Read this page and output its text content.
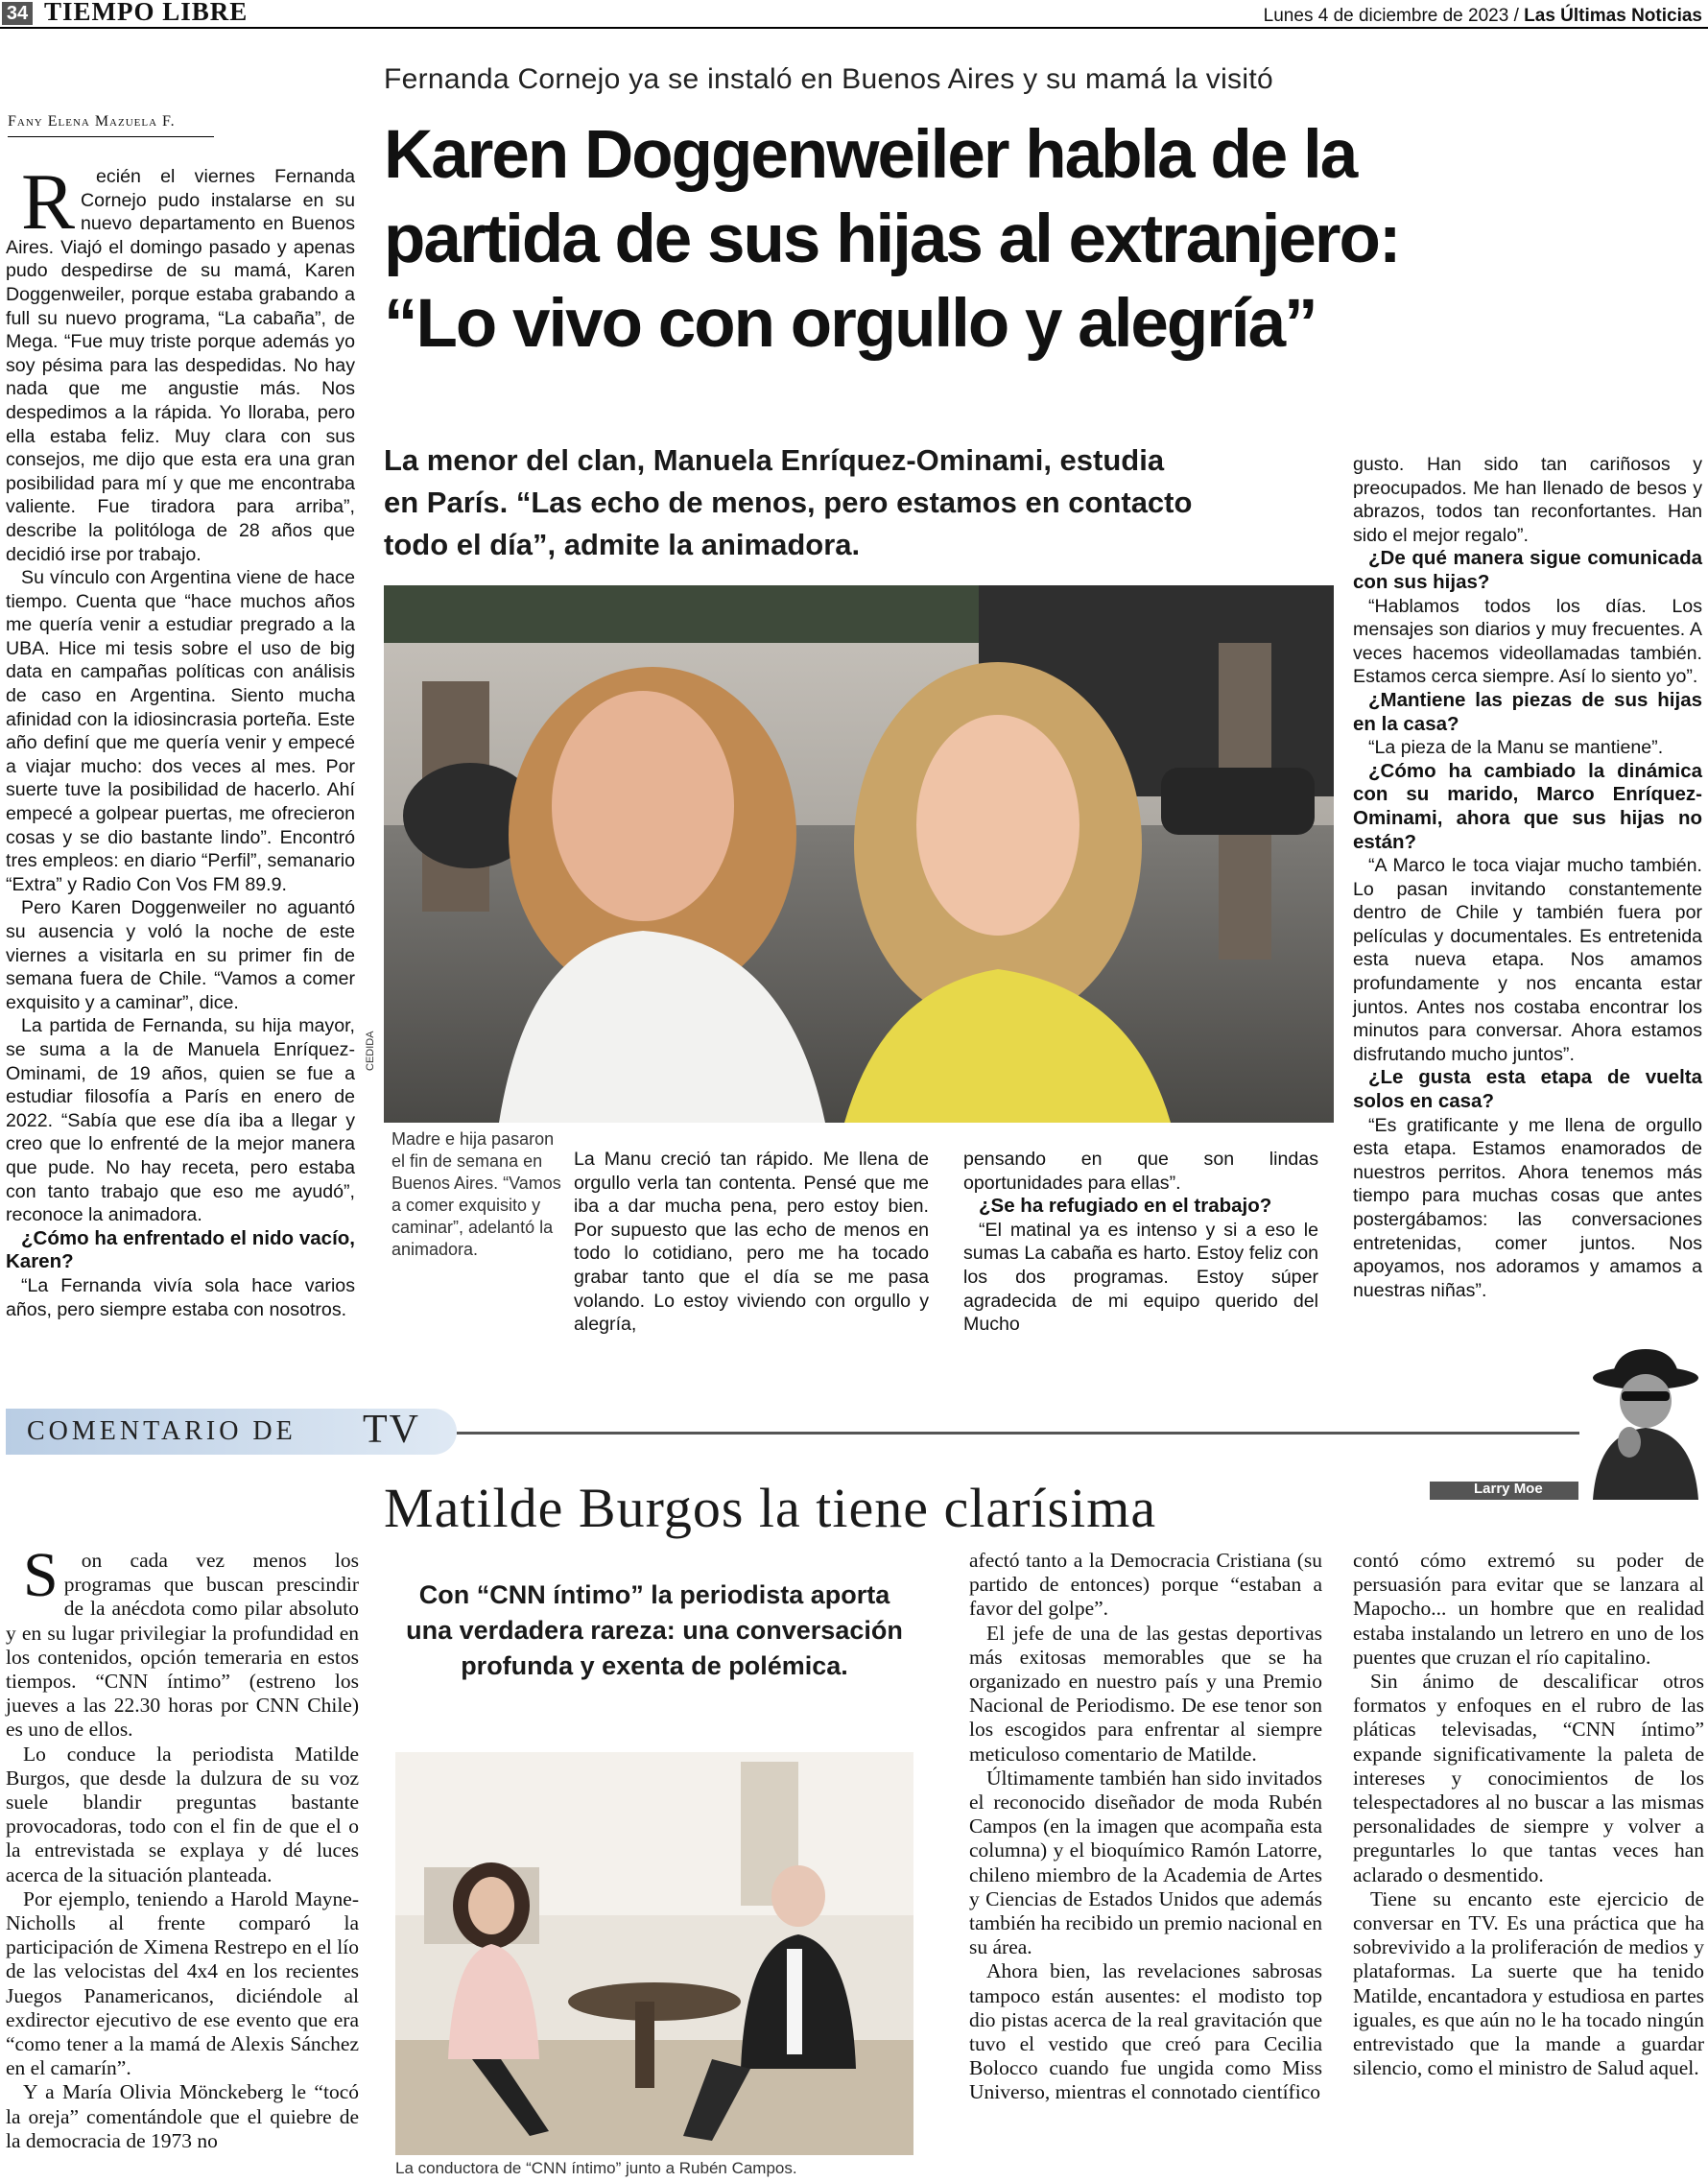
34 TIEMPO LIBRE	Lunes 4 de diciembre de 2023 / Las Últimas Noticias
Fany Elena Mazuela F.
Fernanda Cornejo ya se instaló en Buenos Aires y su mamá la visitó
Karen Doggenweiler habla de la
partida de sus hijas al extranjero:
“Lo vivo con orgullo y alegría”
La menor del clan, Manuela Enríquez-Ominami, estudia
en París. “Las echo de menos, pero estamos en contacto
todo el día”, admite la animadora.

Recién el viernes Fernanda Cornejo pudo instalarse en su nuevo departamento en Buenos Aires. Viajó el domingo pasado y apenas pudo despedirse de su mamá, Karen Doggenweiler, porque estaba grabando a full su nuevo programa, “La cabaña”, de Mega. “Fue muy triste porque además yo soy pésima para las despedidas. No hay nada que me angustie más. Nos despedimos a la rápida. Yo lloraba, pero ella estaba feliz. Muy clara con sus consejos, me dijo que esta era una gran posibilidad para mí y que me encontraba valiente. Fue tiradora para arriba”, describe la politóloga de 28 años que decidió irse por trabajo.

Su vínculo con Argentina viene de hace tiempo. Cuenta que “hace muchos años me quería venir a estudiar pregrado a la UBA. Hice mi tesis sobre el uso de big data en campañas políticas con análisis de caso en Argentina. Siento mucha afinidad con la idiosincrasia porteña. Este año definí que me quería venir y empecé a viajar mucho: dos veces al mes. Por suerte tuve la posibilidad de hacerlo. Ahí empecé a golpear puertas, me ofrecieron cosas y se dio bastante lindo”. Encontró tres empleos: en diario “Perfil”, semanario “Extra” y Radio Con Vos FM 89.9.

Pero Karen Doggenweiler no aguantó su ausencia y voló la noche de este viernes a visitarla en su primer fin de semana fuera de Chile. “Vamos a comer exquisito y a caminar”, dice.

La partida de Fernanda, su hija mayor, se suma a la de Manuela Enríquez-Ominami, de 19 años, quien se fue a estudiar filosofía a París en enero de 2022. “Sabía que ese día iba a llegar y creo que lo enfrenté de la mejor manera que pude. No hay receta, pero estaba con tanto trabajo que eso me ayudó”, reconoce la animadora.

¿Cómo ha enfrentado el nido vacío, Karen?

“La Fernanda vivía sola hace varios años, pero siempre estaba con nosotros.

CEDIDA
Madre e hija pasaron el fin de semana en Buenos Aires. “Vamos a comer exquisito y caminar”, adelantó la animadora.

La Manu creció tan rápido. Me llena de orgullo verla tan contenta. Pensé que me iba a dar mucha pena, pero estoy bien. Por supuesto que las echo de menos en todo lo cotidiano, pero me ha tocado grabar tanto que el día se me pasa volando. Lo estoy viviendo con orgullo y alegría,

pensando en que son lindas oportunidades para ellas”.

¿Se ha refugiado en el trabajo?

“El matinal ya es intenso y si a eso le sumas La cabaña es harto. Estoy feliz con los dos programas. Estoy súper agradecida de mi equipo querido del Mucho

gusto. Han sido tan cariñosos y preocupados. Me han llenado de besos y abrazos, todos tan reconfortantes. Han sido el mejor regalo”.

¿De qué manera sigue comunicada con sus hijas?

“Hablamos todos los días. Los mensajes son diarios y muy frecuentes. A veces hacemos videollamadas también. Estamos cerca siempre. Así lo siento yo”.

¿Mantiene las piezas de sus hijas en la casa?

“La pieza de la Manu se mantiene”.

¿Cómo ha cambiado la dinámica con su marido, Marco Enríquez-Ominami, ahora que sus hijas no están?

“A Marco le toca viajar mucho también. Lo pasan invitando constantemente dentro de Chile y también fuera por películas y documentales. Es entretenida esta nueva etapa. Nos amamos profundamente y nos encanta estar juntos. Antes nos costaba encontrar los minutos para conversar. Ahora estamos disfrutando mucho juntos”.

¿Le gusta esta etapa de vuelta solos en casa?

“Es gratificante y me llena de orgullo esta etapa. Estamos enamorados de nuestros perritos. Ahora tenemos más tiempo para muchas cosas que antes postergábamos: las conversaciones entretenidas, comer juntos. Nos apoyamos, nos adoramos y amamos a nuestras niñas”.

COMENTARIO DE TV
Larry Moe
Matilde Burgos la tiene clarísima

Son cada vez menos los programas que buscan prescindir de la anécdota como pilar absoluto y en su lugar privilegiar la profundidad en los contenidos, opción temeraria en estos tiempos. “CNN íntimo” (estreno los jueves a las 22.30 horas por CNN Chile) es uno de ellos.

Lo conduce la periodista Matilde Burgos, que desde la dulzura de su voz suele blandir preguntas bastante provocadoras, todo con el fin de que el o la entrevistada se explaya y dé luces acerca de la situación planteada.

Por ejemplo, teniendo a Harold Mayne-Nicholls al frente comparó la participación de Ximena Restrepo en el lío de las velocistas del 4x4 en los recientes Juegos Panamericanos, diciéndole al exdirector ejecutivo de ese evento que era “como tener a la mamá de Alexis Sánchez en el camarín”.

Y a María Olivia Mönckeberg le “tocó la oreja” comentándole que el quiebre de la democracia de 1973 no

Con “CNN íntimo” la periodista aporta una verdadera rareza: una conversación profunda y exenta de polémica.
La conductora de “CNN íntimo” junto a Rubén Campos.

afectó tanto a la Democracia Cristiana (su partido de entonces) porque “estaban a favor del golpe”.

El jefe de una de las gestas deportivas más exitosas memorables que se ha organizado en nuestro país y una Premio Nacional de Periodismo. De ese tenor son los escogidos para enfrentar al siempre meticuloso comentario de Matilde.

Últimamente también han sido invitados el reconocido diseñador de moda Rubén Campos (en la imagen que acompaña esta columna) y el bioquímico Ramón Latorre, chileno miembro de la Academia de Artes y Ciencias de Estados Unidos que además también ha recibido un premio nacional en su área.

Ahora bien, las revelaciones sabrosas tampoco están ausentes: el modisto top dio pistas acerca de la real gravitación que tuvo el vestido que creó para Cecilia Bolocco cuando fue ungida como Miss Universo, mientras el connotado científico

contó cómo extremó su poder de persuasión para evitar que se lanzara al Mapocho... un hombre que en realidad estaba instalando un letrero en uno de los puentes que cruzan el río capitalino.

Sin ánimo de descalificar otros formatos y enfoques en el rubro de las pláticas televisadas, “CNN íntimo” expande significativamente la paleta de intereses y conocimientos de los telespectadores al no buscar a las mismas personalidades de siempre y volver a preguntarles lo que tantas veces han aclarado o desmentido.

Tiene su encanto este ejercicio de conversar en TV. Es una práctica que ha sobrevivido a la proliferación de medios y plataformas. La suerte que ha tenido Matilde, encantadora y estudiosa en partes iguales, es que aún no le ha tocado ningún entrevistado que la mande a guardar silencio, como el ministro de Salud aquel.
